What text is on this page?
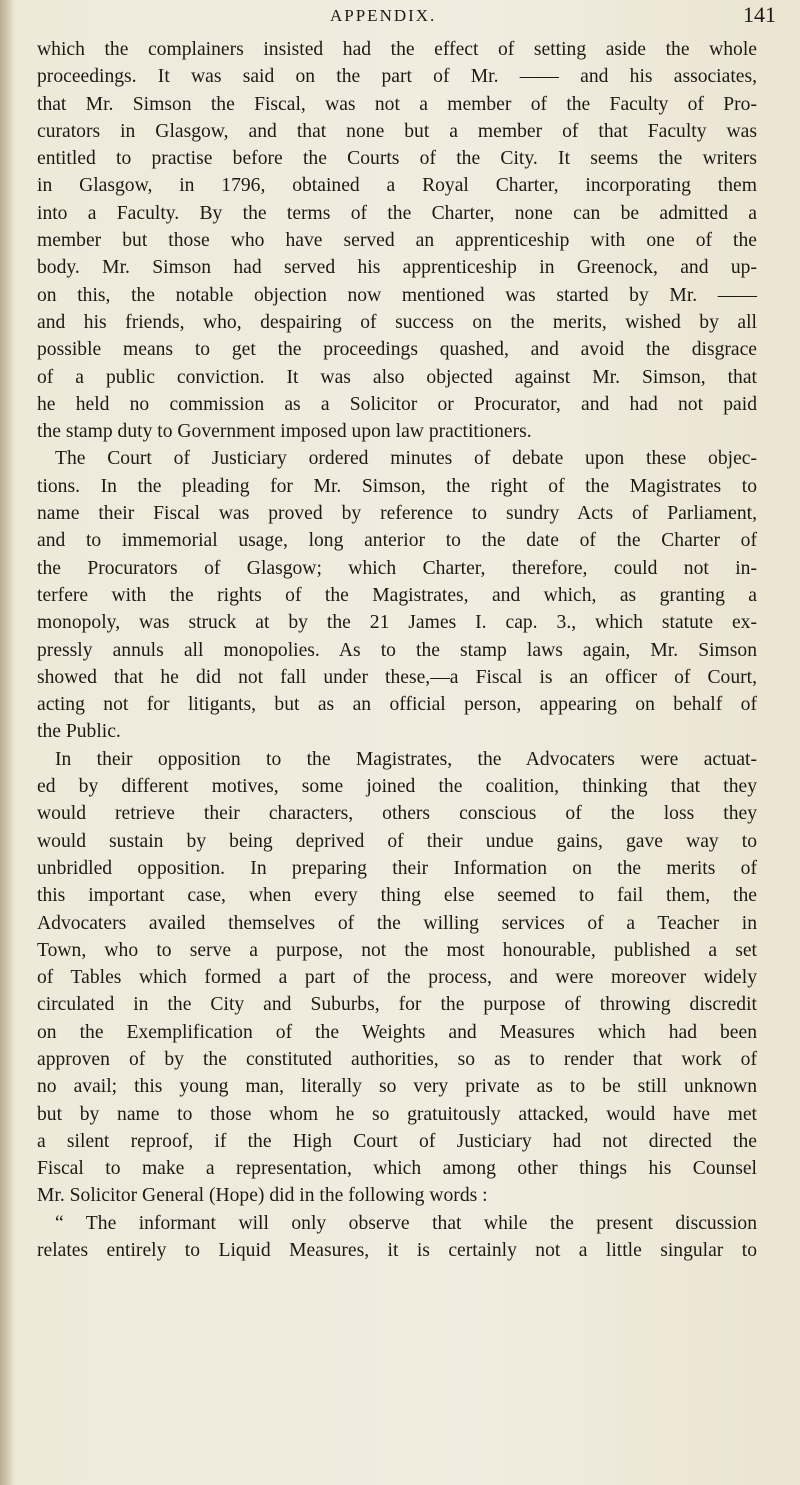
APPENDIX.	141
which the complainers insisted had the effect of setting aside the whole
proceedings. It was said on the part of Mr. —— and his associates,
that Mr. Simson the Fiscal, was not a member of the Faculty of Pro-
curators in Glasgow, and that none but a member of that Faculty was
entitled to practise before the Courts of the City. It seems the writers
in Glasgow, in 1796, obtained a Royal Charter, incorporating them
into a Faculty. By the terms of the Charter, none can be admitted a
member but those who have served an apprenticeship with one of the
body. Mr. Simson had served his apprenticeship in Greenock, and up-
on this, the notable objection now mentioned was started by Mr. ——
and his friends, who, despairing of success on the merits, wished by all
possible means to get the proceedings quashed, and avoid the disgrace
of a public conviction. It was also objected against Mr. Simson, that
he held no commission as a Solicitor or Procurator, and had not paid
the stamp duty to Government imposed upon law practitioners.
The Court of Justiciary ordered minutes of debate upon these objec-
tions. In the pleading for Mr. Simson, the right of the Magistrates to
name their Fiscal was proved by reference to sundry Acts of Parliament,
and to immemorial usage, long anterior to the date of the Charter of
the Procurators of Glasgow; which Charter, therefore, could not in-
terfere with the rights of the Magistrates, and which, as granting a
monopoly, was struck at by the 21 James I. cap. 3., which statute ex-
pressly annuls all monopolies. As to the stamp laws again, Mr. Simson
showed that he did not fall under these,—a Fiscal is an officer of Court,
acting not for litigants, but as an official person, appearing on behalf of
the Public.
In their opposition to the Magistrates, the Advocaters were actuat-
ed by different motives, some joined the coalition, thinking that they
would retrieve their characters, others conscious of the loss they
would sustain by being deprived of their undue gains, gave way to
unbridled opposition. In preparing their Information on the merits of
this important case, when every thing else seemed to fail them, the
Advocaters availed themselves of the willing services of a Teacher in
Town, who to serve a purpose, not the most honourable, published a set
of Tables which formed a part of the process, and were moreover widely
circulated in the City and Suburbs, for the purpose of throwing discredit
on the Exemplification of the Weights and Measures which had been
approven of by the constituted authorities, so as to render that work of
no avail; this young man, literally so very private as to be still unknown
but by name to those whom he so gratuitously attacked, would have met
a silent reproof, if the High Court of Justiciary had not directed the
Fiscal to make a representation, which among other things his Counsel
Mr. Solicitor General (Hope) did in the following words :
“ The informant will only observe that while the present discussion
relates entirely to Liquid Measures, it is certainly not a little singular to
